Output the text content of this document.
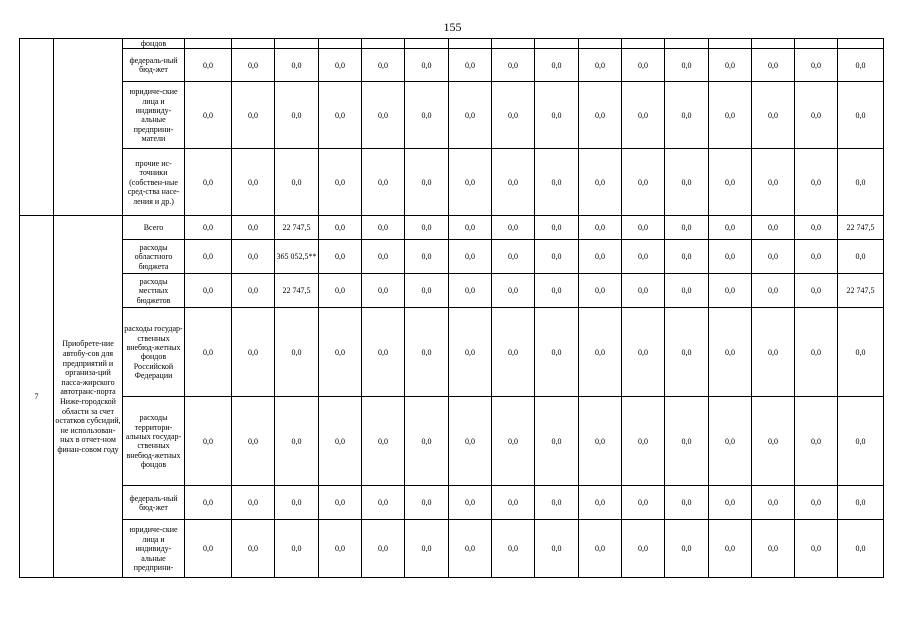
155
		фондов																
		федераль-ный бюд-жет	0,0	0,0	0,0	0,0	0,0	0,0	0,0	0,0	0,0	0,0	0,0	0,0	0,0	0,0	0,0	0,0
		юридиче-ские лица и индивиду-альные предприни-матели	0,0	0,0	0,0	0,0	0,0	0,0	0,0	0,0	0,0	0,0	0,0	0,0	0,0	0,0	0,0	0,0
		прочие ис-точники (собствен-ные сред-ства насе-ления и др.)	0,0	0,0	0,0	0,0	0,0	0,0	0,0	0,0	0,0	0,0	0,0	0,0	0,0	0,0	0,0	0,0
7	Приобрете-ние автобу-сов для предприятий и организа-ций пасса-жирского автотранс-порта Ниже-городской области за счет остатков субсидий, не использован-ных в отчет-ном финан-совом году	Всего	0,0	0,0	22 747,5	0,0	0,0	0,0	0,0	0,0	0,0	0,0	0,0	0,0	0,0	0,0	0,0	22 747,5
		расходы областного бюджета	0,0	0,0	365 052,5**	0,0	0,0	0,0	0,0	0,0	0,0	0,0	0,0	0,0	0,0	0,0	0,0	0,0
		расходы местных бюджетов	0,0	0,0	22 747,5	0,0	0,0	0,0	0,0	0,0	0,0	0,0	0,0	0,0	0,0	0,0	0,0	22 747,5
		расходы государ-ственных внебюд-жетных фондов Российской Федерации	0,0	0,0	0,0	0,0	0,0	0,0	0,0	0,0	0,0	0,0	0,0	0,0	0,0	0,0	0,0	0,0
		расходы территори-альных государ-ственных внебюд-жетных фондов	0,0	0,0	0,0	0,0	0,0	0,0	0,0	0,0	0,0	0,0	0,0	0,0	0,0	0,0	0,0	0,0
		федераль-ный бюд-жет	0,0	0,0	0,0	0,0	0,0	0,0	0,0	0,0	0,0	0,0	0,0	0,0	0,0	0,0	0,0	0,0
		юридиче-ские лица и индивиду-альные предприни-	0,0	0,0	0,0	0,0	0,0	0,0	0,0	0,0	0,0	0,0	0,0	0,0	0,0	0,0	0,0	0,0
